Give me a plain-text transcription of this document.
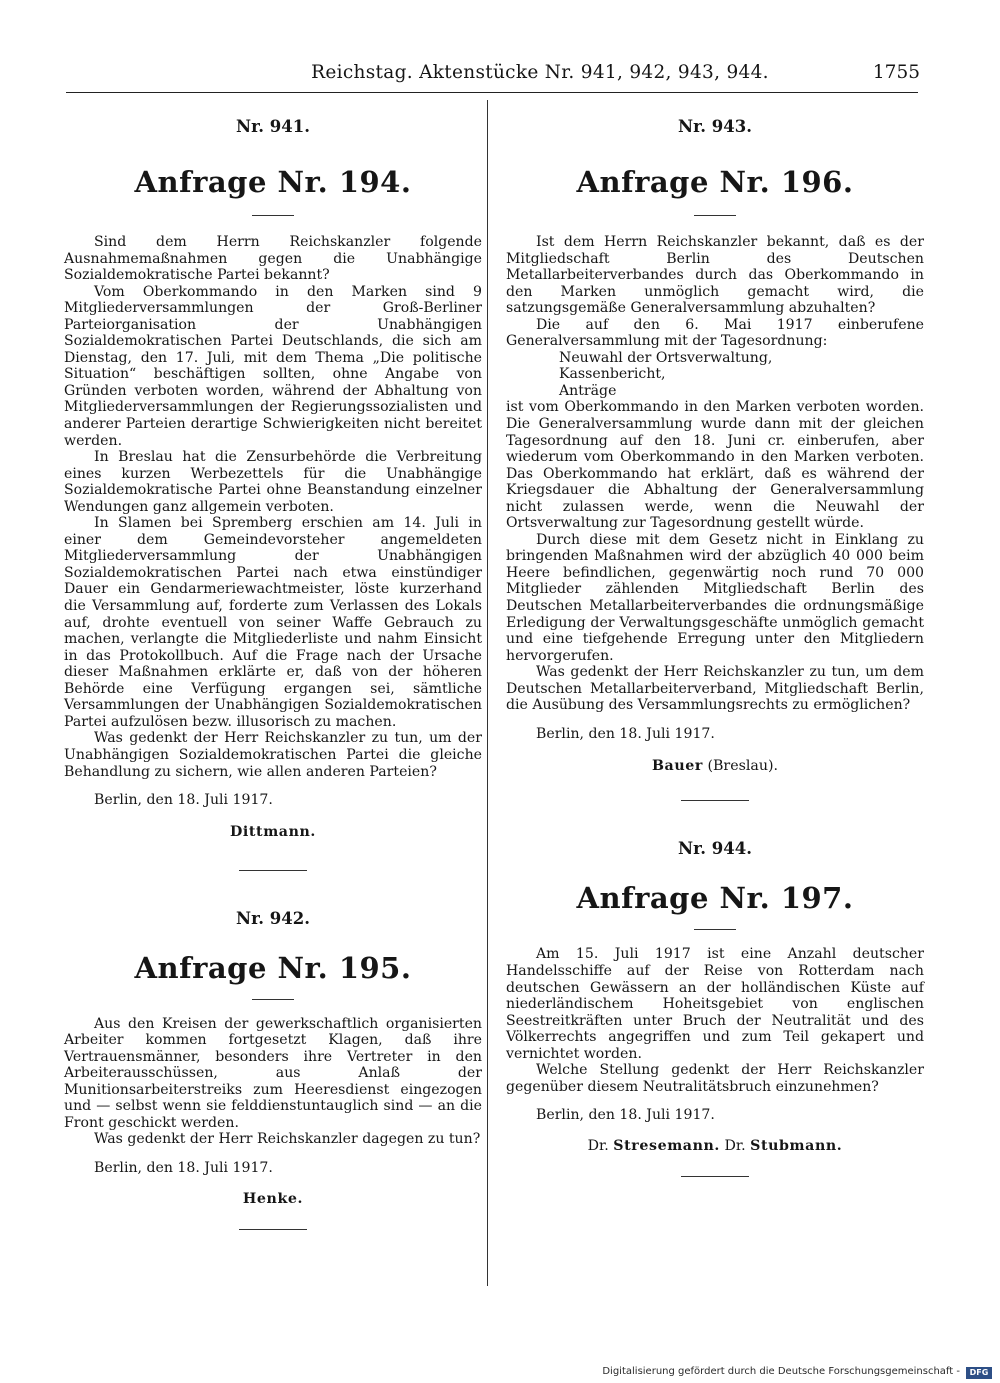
Reichstag. Aktenstücke Nr. 941, 942, 943, 944.	1755

Nr. 941.

Anfrage Nr. 194.

Sind dem Herrn Reichskanzler folgende Ausnahmemaßnahmen gegen die Unabhängige Sozialdemokratische Partei bekannt?

Vom Oberkommando in den Marken sind 9 Mitgliederversammlungen der Groß-Berliner Parteiorganisation der Unabhängigen Sozialdemokratischen Partei Deutschlands, die sich am Dienstag, den 17. Juli, mit dem Thema „Die politische Situation“ beschäftigen sollten, ohne Angabe von Gründen verboten worden, während der Abhaltung von Mitgliederversammlungen der Regierungssozialisten und anderer Parteien derartige Schwierigkeiten nicht bereitet werden.

In Breslau hat die Zensurbehörde die Verbreitung eines kurzen Werbezettels für die Unabhängige Sozialdemokratische Partei ohne Beanstandung einzelner Wendungen ganz allgemein verboten.

In Slamen bei Spremberg erschien am 14. Juli in einer dem Gemeindevorsteher angemeldeten Mitgliederversammlung der Unabhängigen Sozialdemokratischen Partei nach etwa einstündiger Dauer ein Gendarmeriewachtmeister, löste kurzerhand die Versammlung auf, forderte zum Verlassen des Lokals auf, drohte eventuell von seiner Waffe Gebrauch zu machen, verlangte die Mitgliederliste und nahm Einsicht in das Protokollbuch. Auf die Frage nach der Ursache dieser Maßnahmen erklärte er, daß von der höheren Behörde eine Verfügung ergangen sei, sämtliche Versammlungen der Unabhängigen Sozialdemokratischen Partei aufzulösen bezw. illusorisch zu machen.

Was gedenkt der Herr Reichskanzler zu tun, um der Unabhängigen Sozialdemokratischen Partei die gleiche Behandlung zu sichern, wie allen anderen Parteien?

Berlin, den 18. Juli 1917.

Dittmann.

Nr. 942.

Anfrage Nr. 195.

Aus den Kreisen der gewerkschaftlich organisierten Arbeiter kommen fortgesetzt Klagen, daß ihre Vertrauensmänner, besonders ihre Vertreter in den Arbeiterausschüssen, aus Anlaß der Munitionsarbeiterstreiks zum Heeresdienst eingezogen und — selbst wenn sie felddienstuntauglich sind — an die Front geschickt werden.

Was gedenkt der Herr Reichskanzler dagegen zu tun?

Berlin, den 18. Juli 1917.

Henke.

Nr. 943.

Anfrage Nr. 196.

Ist dem Herrn Reichskanzler bekannt, daß es der Mitgliedschaft Berlin des Deutschen Metallarbeiterverbandes durch das Oberkommando in den Marken unmöglich gemacht wird, die satzungsgemäße Generalversammlung abzuhalten?

Die auf den 6. Mai 1917 einberufene Generalversammlung mit der Tagesordnung:

Neuwahl der Ortsverwaltung,

Kassenbericht,

Anträge

ist vom Oberkommando in den Marken verboten worden. Die Generalversammlung wurde dann mit der gleichen Tagesordnung auf den 18. Juni cr. einberufen, aber wiederum vom Oberkommando in den Marken verboten. Das Oberkommando hat erklärt, daß es während der Kriegsdauer die Abhaltung der Generalversammlung nicht zulassen werde, wenn die Neuwahl der Ortsverwaltung zur Tagesordnung gestellt würde.

Durch diese mit dem Gesetz nicht in Einklang zu bringenden Maßnahmen wird der abzüglich 40 000 beim Heere befindlichen, gegenwärtig noch rund 70 000 Mitglieder zählenden Mitgliedschaft Berlin des Deutschen Metallarbeiterverbandes die ordnungsmäßige Erledigung der Verwaltungsgeschäfte unmöglich gemacht und eine tiefgehende Erregung unter den Mitgliedern hervorgerufen.

Was gedenkt der Herr Reichskanzler zu tun, um dem Deutschen Metallarbeiterverband, Mitgliedschaft Berlin, die Ausübung des Versammlungsrechts zu ermöglichen?

Berlin, den 18. Juli 1917.

Bauer (Breslau).

Nr. 944.

Anfrage Nr. 197.

Am 15. Juli 1917 ist eine Anzahl deutscher Handelsschiffe auf der Reise von Rotterdam nach deutschen Gewässern an der holländischen Küste auf niederländischem Hoheitsgebiet von englischen Seestreitkräften unter Bruch der Neutralität und des Völkerrechts angegriffen und zum Teil gekapert und vernichtet worden.

Welche Stellung gedenkt der Herr Reichskanzler gegenüber diesem Neutralitätsbruch einzunehmen?

Berlin, den 18. Juli 1917.

Dr. Stresemann. Dr. Stubmann.

Digitalisierung gefördert durch die Deutsche Forschungsgemeinschaft -	DFG
